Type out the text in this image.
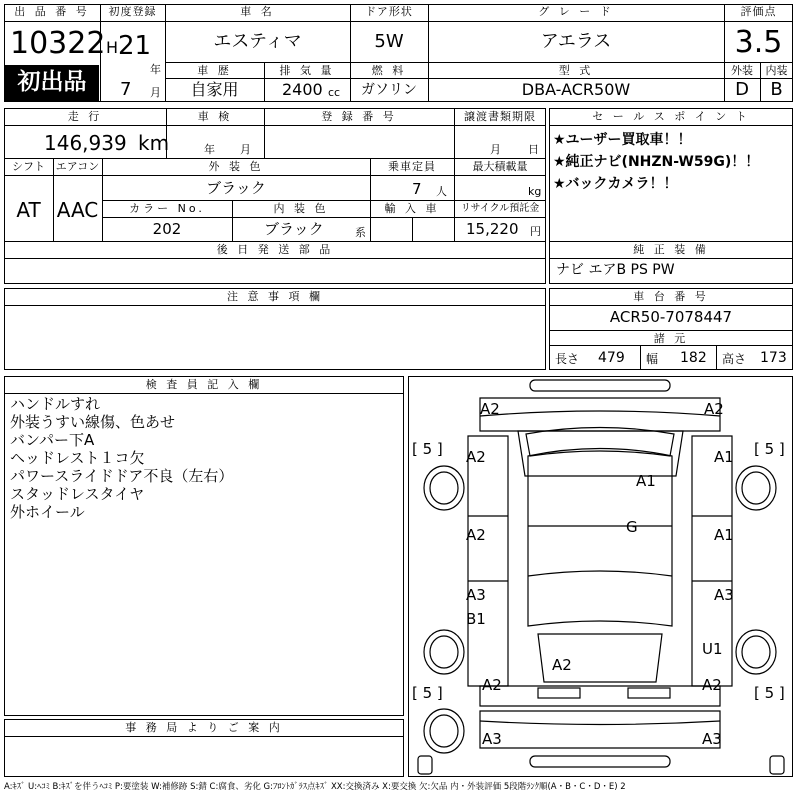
出 品 番 号
10322
初出品
初度登録
H 21
年
7 月
車 名
エスティマ
ドア形状
5W
グ レ ー ド
アエラス
評価点
3.5
車 歴
自家用
排 気 量
2400 cc
燃 料
ガソリン
型 式
DBA-ACR50W
外装	内装
D	B
走 行
146,939 km
車 検
年 月
登 録 番 号	譲渡書類期限
月 日
シフト
AT
エアコン
AAC
外 装 色
ブラック
乗車定員
7 人
最大積載量
kg
カラー No.
202
内 装 色
ブラック	系
輸 入 車	リサイクル預託金
15,220 円
後 日 発 送 部 品
セ ー ル ス ポ イ ン ト
★ユーザー買取車！！
★純正ナビ(NHZN-W59G)！！
★バックカメラ！！
純 正 装 備
ナビ エアB PS PW
注 意 事 項 欄	車 台 番 号
ACR50-7078447
諸 元
長さ 479 幅 182 高さ 173
検 査 員 記 入 欄
ハンドルすれ
外装うすい線傷、色あせ
バンパー下A
ヘッドレスト１コ欠
パワースライドドア不良（左右）
スタッドレスタイヤ
外ホイール
事 務 局 よ り ご 案 内
[ 5 ]	[ 5 ]
[ 5 ]	[ 5 ]
A2	A2
A2	A1
A1
G
A2	A1
A3
B1
A3
U1
A2
A2	A2
A3	A3
A:ｷｽﾞ U:ﾍｺﾐ B:ｷｽﾞを伴うﾍｺﾐ P:要塗装 W:補修跡 S:錆 C:腐食、劣化 G:ﾌﾛﾝﾄｶﾞﾗｽ点ｷｽﾞ XX:交換済み X:要交換 欠:欠品 内・外装評価 5段階ﾗﾝｸ順(A・B・C・D・E) 2
